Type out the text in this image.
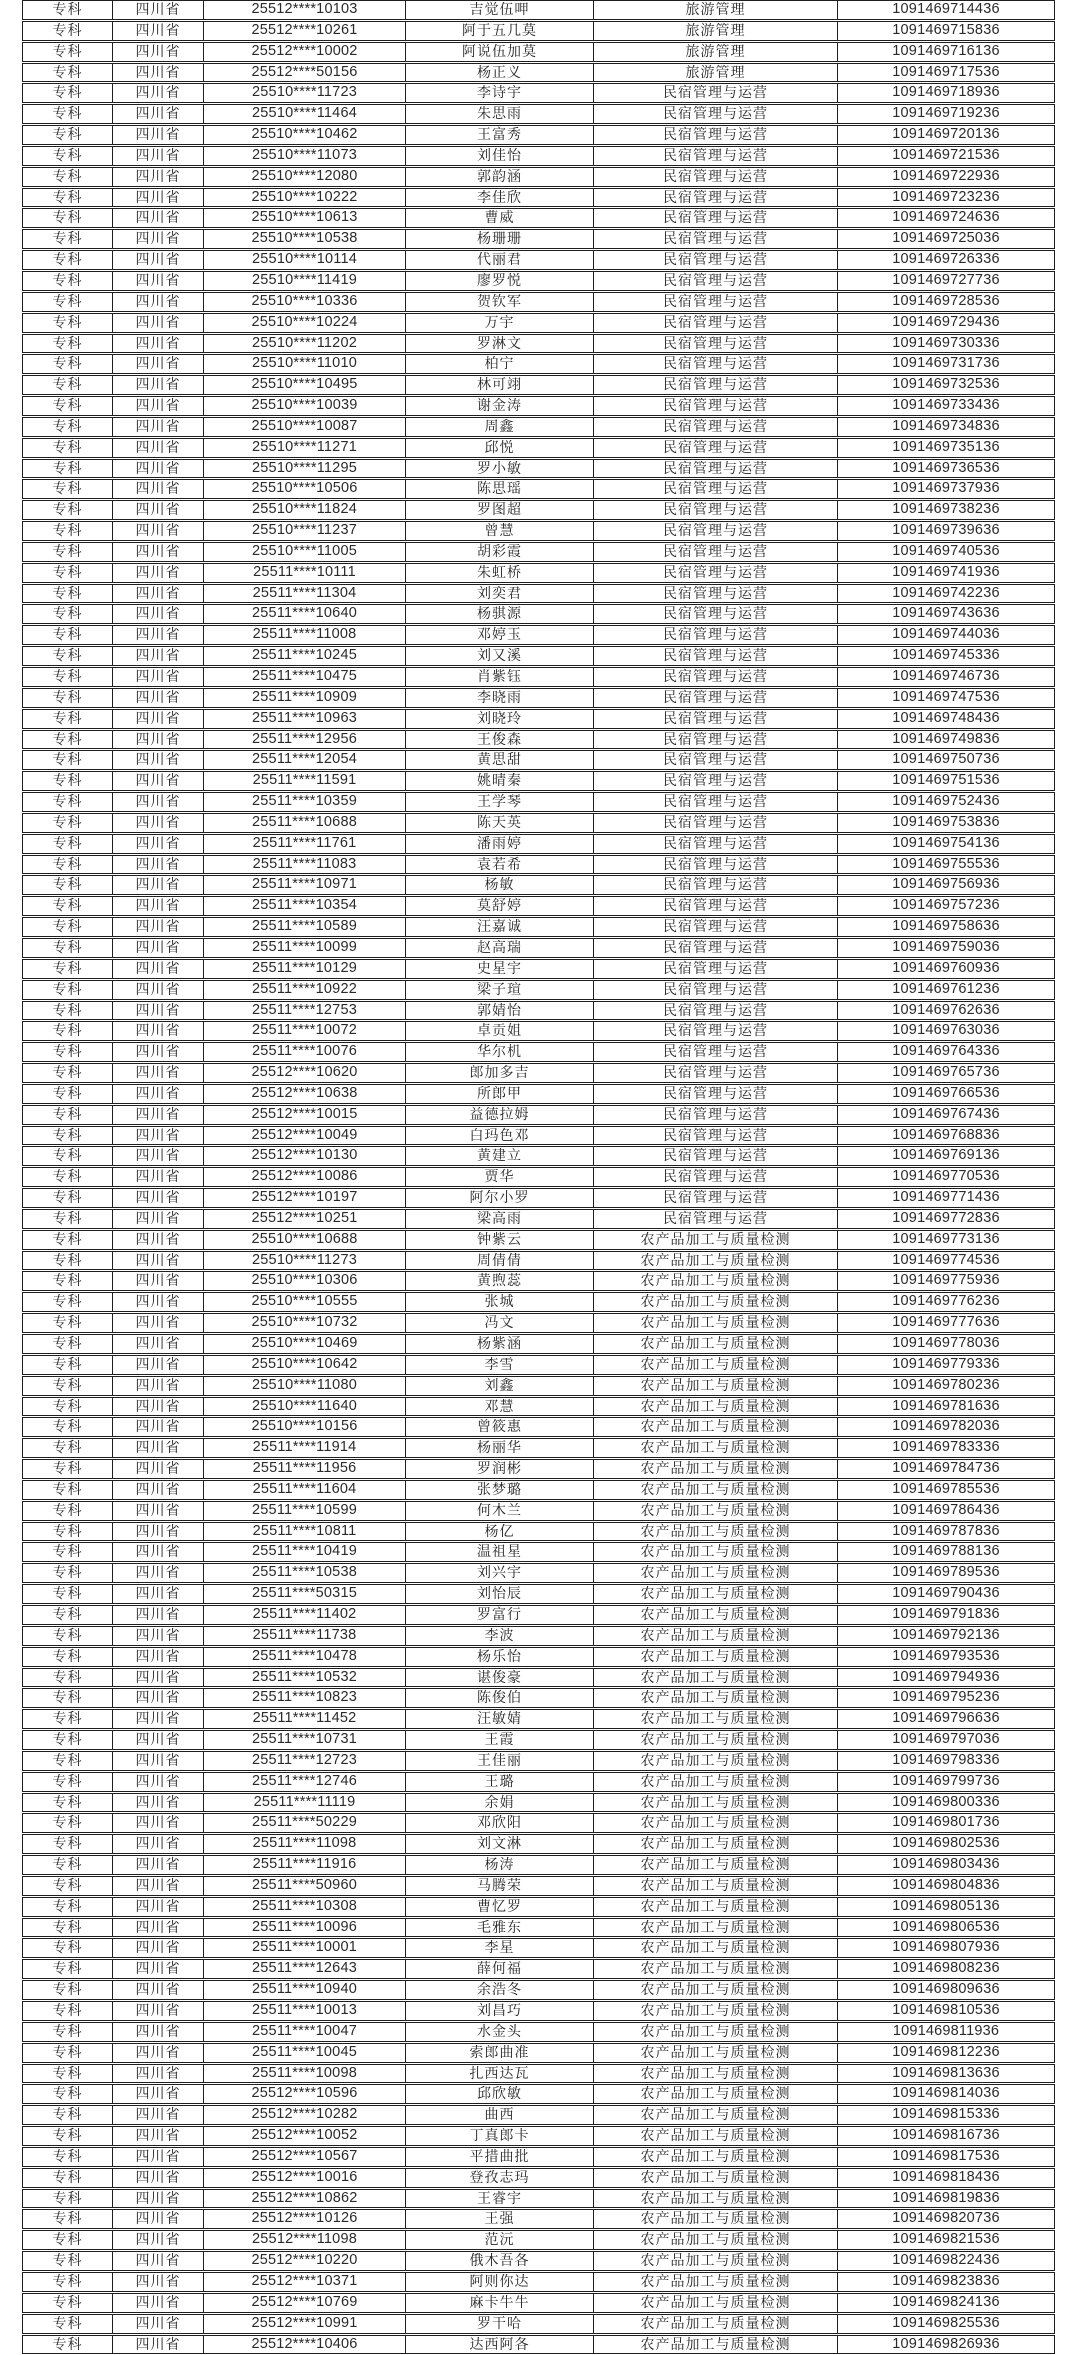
专科	四川省	25512****10103	吉觉伍呷	旅游管理	1091469714436
专科	四川省	25512****10261	阿于五几莫	旅游管理	1091469715836
专科	四川省	25512****10002	阿说伍加莫	旅游管理	1091469716136
专科	四川省	25512****50156	杨正义	旅游管理	1091469717536
专科	四川省	25510****11723	李诗宇	民宿管理与运营	1091469718936
专科	四川省	25510****11464	朱思雨	民宿管理与运营	1091469719236
专科	四川省	25510****10462	王富秀	民宿管理与运营	1091469720136
专科	四川省	25510****11073	刘佳怡	民宿管理与运营	1091469721536
专科	四川省	25510****12080	郭韵涵	民宿管理与运营	1091469722936
专科	四川省	25510****10222	李佳欣	民宿管理与运营	1091469723236
专科	四川省	25510****10613	曹威	民宿管理与运营	1091469724636
专科	四川省	25510****10538	杨珊珊	民宿管理与运营	1091469725036
专科	四川省	25510****10114	代丽君	民宿管理与运营	1091469726336
专科	四川省	25510****11419	廖罗悦	民宿管理与运营	1091469727736
专科	四川省	25510****10336	贺钦军	民宿管理与运营	1091469728536
专科	四川省	25510****10224	万宇	民宿管理与运营	1091469729436
专科	四川省	25510****11202	罗淋文	民宿管理与运营	1091469730336
专科	四川省	25510****11010	柏宁	民宿管理与运营	1091469731736
专科	四川省	25510****10495	林可翊	民宿管理与运营	1091469732536
专科	四川省	25510****10039	谢金涛	民宿管理与运营	1091469733436
专科	四川省	25510****10087	周鑫	民宿管理与运营	1091469734836
专科	四川省	25510****11271	邱悦	民宿管理与运营	1091469735136
专科	四川省	25510****11295	罗小敏	民宿管理与运营	1091469736536
专科	四川省	25510****10506	陈思瑶	民宿管理与运营	1091469737936
专科	四川省	25510****11824	罗图超	民宿管理与运营	1091469738236
专科	四川省	25510****11237	曾慧	民宿管理与运营	1091469739636
专科	四川省	25510****11005	胡彩霞	民宿管理与运营	1091469740536
专科	四川省	25511****10111	朱虹桥	民宿管理与运营	1091469741936
专科	四川省	25511****11304	刘奕君	民宿管理与运营	1091469742236
专科	四川省	25511****10640	杨骐源	民宿管理与运营	1091469743636
专科	四川省	25511****11008	邓婷玉	民宿管理与运营	1091469744036
专科	四川省	25511****10245	刘又溪	民宿管理与运营	1091469745336
专科	四川省	25511****10475	肖紫钰	民宿管理与运营	1091469746736
专科	四川省	25511****10909	李晓雨	民宿管理与运营	1091469747536
专科	四川省	25511****10963	刘晓玲	民宿管理与运营	1091469748436
专科	四川省	25511****12956	王俊森	民宿管理与运营	1091469749836
专科	四川省	25511****12054	黄思甜	民宿管理与运营	1091469750736
专科	四川省	25511****11591	姚晴秦	民宿管理与运营	1091469751536
专科	四川省	25511****10359	王学琴	民宿管理与运营	1091469752436
专科	四川省	25511****10688	陈天英	民宿管理与运营	1091469753836
专科	四川省	25511****11761	潘雨婷	民宿管理与运营	1091469754136
专科	四川省	25511****11083	袁若希	民宿管理与运营	1091469755536
专科	四川省	25511****10971	杨敏	民宿管理与运营	1091469756936
专科	四川省	25511****10354	莫舒婷	民宿管理与运营	1091469757236
专科	四川省	25511****10589	汪嘉诚	民宿管理与运营	1091469758636
专科	四川省	25511****10099	赵高瑞	民宿管理与运营	1091469759036
专科	四川省	25511****10129	史星宇	民宿管理与运营	1091469760936
专科	四川省	25511****10922	梁子瑄	民宿管理与运营	1091469761236
专科	四川省	25511****12753	郭婧怡	民宿管理与运营	1091469762636
专科	四川省	25511****10072	卓贡姐	民宿管理与运营	1091469763036
专科	四川省	25511****10076	华尔机	民宿管理与运营	1091469764336
专科	四川省	25512****10620	郎加多吉	民宿管理与运营	1091469765736
专科	四川省	25512****10638	所郎甲	民宿管理与运营	1091469766536
专科	四川省	25512****10015	益德拉姆	民宿管理与运营	1091469767436
专科	四川省	25512****10049	白玛色邓	民宿管理与运营	1091469768836
专科	四川省	25512****10130	黄建立	民宿管理与运营	1091469769136
专科	四川省	25512****10086	贾华	民宿管理与运营	1091469770536
专科	四川省	25512****10197	阿尔小罗	民宿管理与运营	1091469771436
专科	四川省	25512****10251	梁高雨	民宿管理与运营	1091469772836
专科	四川省	25510****10688	钟紫云	农产品加工与质量检测	1091469773136
专科	四川省	25510****11273	周倩倩	农产品加工与质量检测	1091469774536
专科	四川省	25510****10306	黄煦蕊	农产品加工与质量检测	1091469775936
专科	四川省	25510****10555	张城	农产品加工与质量检测	1091469776236
专科	四川省	25510****10732	冯文	农产品加工与质量检测	1091469777636
专科	四川省	25510****10469	杨紫涵	农产品加工与质量检测	1091469778036
专科	四川省	25510****10642	李雪	农产品加工与质量检测	1091469779336
专科	四川省	25510****11080	刘鑫	农产品加工与质量检测	1091469780236
专科	四川省	25510****11640	邓慧	农产品加工与质量检测	1091469781636
专科	四川省	25510****10156	曾筱惠	农产品加工与质量检测	1091469782036
专科	四川省	25511****11914	杨丽华	农产品加工与质量检测	1091469783336
专科	四川省	25511****11956	罗润彬	农产品加工与质量检测	1091469784736
专科	四川省	25511****11604	张梦璐	农产品加工与质量检测	1091469785536
专科	四川省	25511****10599	何木兰	农产品加工与质量检测	1091469786436
专科	四川省	25511****10811	杨亿	农产品加工与质量检测	1091469787836
专科	四川省	25511****10419	温祖星	农产品加工与质量检测	1091469788136
专科	四川省	25511****10538	刘兴宇	农产品加工与质量检测	1091469789536
专科	四川省	25511****50315	刘怡辰	农产品加工与质量检测	1091469790436
专科	四川省	25511****11402	罗富行	农产品加工与质量检测	1091469791836
专科	四川省	25511****11738	李波	农产品加工与质量检测	1091469792136
专科	四川省	25511****10478	杨乐怡	农产品加工与质量检测	1091469793536
专科	四川省	25511****10532	谌俊豪	农产品加工与质量检测	1091469794936
专科	四川省	25511****10823	陈俊伯	农产品加工与质量检测	1091469795236
专科	四川省	25511****11452	汪敏婧	农产品加工与质量检测	1091469796636
专科	四川省	25511****10731	王霞	农产品加工与质量检测	1091469797036
专科	四川省	25511****12723	王佳丽	农产品加工与质量检测	1091469798336
专科	四川省	25511****12746	王璐	农产品加工与质量检测	1091469799736
专科	四川省	25511****11119	余娟	农产品加工与质量检测	1091469800336
专科	四川省	25511****50229	邓欣阳	农产品加工与质量检测	1091469801736
专科	四川省	25511****11098	刘文淋	农产品加工与质量检测	1091469802536
专科	四川省	25511****11916	杨涛	农产品加工与质量检测	1091469803436
专科	四川省	25511****50960	马腾荣	农产品加工与质量检测	1091469804836
专科	四川省	25511****10308	曹忆罗	农产品加工与质量检测	1091469805136
专科	四川省	25511****10096	毛雅东	农产品加工与质量检测	1091469806536
专科	四川省	25511****10001	李星	农产品加工与质量检测	1091469807936
专科	四川省	25511****12643	薛何福	农产品加工与质量检测	1091469808236
专科	四川省	25511****10940	余浩冬	农产品加工与质量检测	1091469809636
专科	四川省	25511****10013	刘昌巧	农产品加工与质量检测	1091469810536
专科	四川省	25511****10047	水金头	农产品加工与质量检测	1091469811936
专科	四川省	25511****10045	索郎曲准	农产品加工与质量检测	1091469812236
专科	四川省	25511****10098	扎西达瓦	农产品加工与质量检测	1091469813636
专科	四川省	25512****10596	邱欣敏	农产品加工与质量检测	1091469814036
专科	四川省	25512****10282	曲西	农产品加工与质量检测	1091469815336
专科	四川省	25512****10052	丁真郎卡	农产品加工与质量检测	1091469816736
专科	四川省	25512****10567	平措曲批	农产品加工与质量检测	1091469817536
专科	四川省	25512****10016	登孜志玛	农产品加工与质量检测	1091469818436
专科	四川省	25512****10862	王睿宇	农产品加工与质量检测	1091469819836
专科	四川省	25512****10126	王强	农产品加工与质量检测	1091469820736
专科	四川省	25512****11098	范沅	农产品加工与质量检测	1091469821536
专科	四川省	25512****10220	俄木吾各	农产品加工与质量检测	1091469822436
专科	四川省	25512****10371	阿则你达	农产品加工与质量检测	1091469823836
专科	四川省	25512****10769	麻卡牛牛	农产品加工与质量检测	1091469824136
专科	四川省	25512****10991	罗干哈	农产品加工与质量检测	1091469825536
专科	四川省	25512****10406	达西阿各	农产品加工与质量检测	1091469826936
